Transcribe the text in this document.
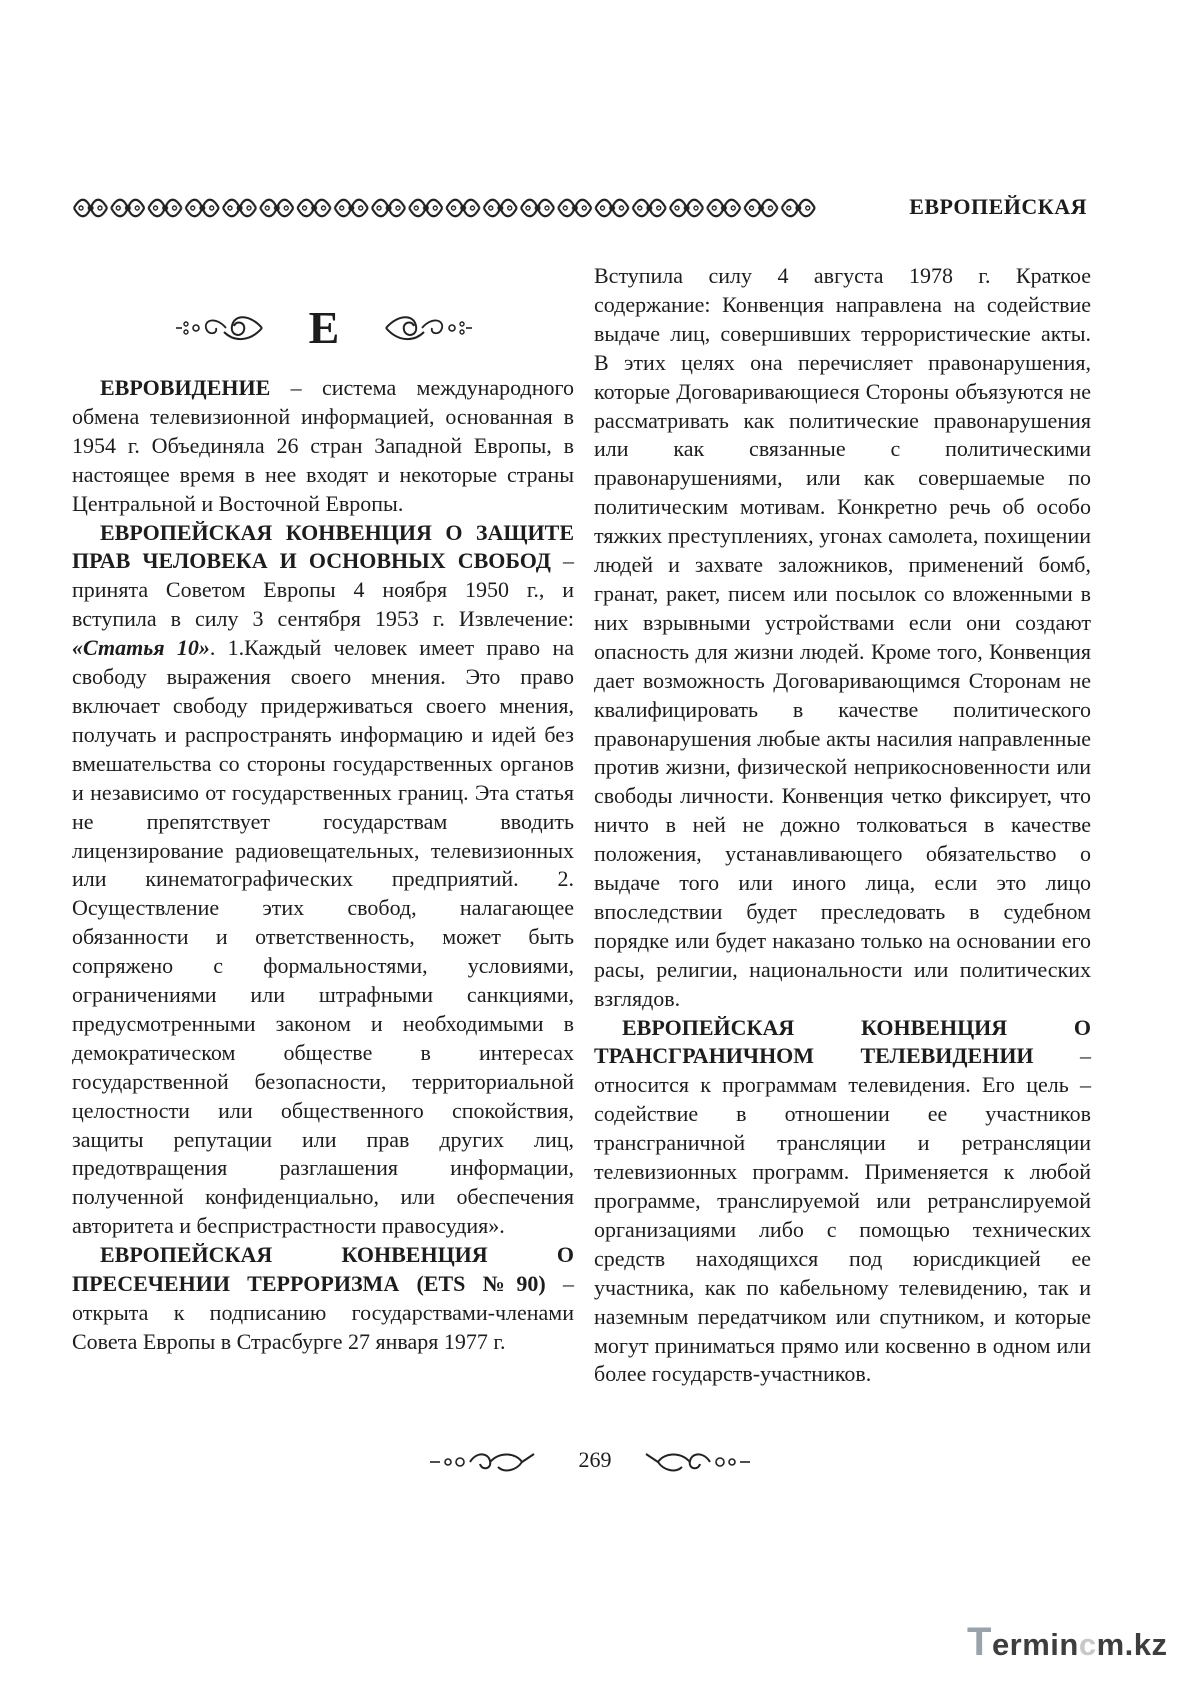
ЕВРОПЕЙСКАЯ
Е

ЕВРОВИДЕНИЕ – система международного обмена телевизионной информацией, основанная в 1954 г. Объединяла 26 стран Западной Европы, в настоящее время в нее входят и некоторые страны Центральной и Восточной Европы.

ЕВРОПЕЙСКАЯ КОНВЕНЦИЯ О ЗАЩИТЕ ПРАВ ЧЕЛОВЕКА И ОСНОВНЫХ СВОБОД – принята Советом Европы 4 ноября 1950 г., и вступила в силу 3 сентября 1953 г. Извлечение: «Статья 10». 1.Каждый человек имеет право на свободу выражения своего мнения. Это право включает свободу придерживаться своего мнения, получать и распространять информацию и идей без вмешательства со стороны государственных органов и независимо от государственных границ. Эта статья не препятствует государствам вводить лицензирование радиовещательных, телевизионных или кинематографических предприятий. 2. Осуществление этих свобод, налагающее обязанности и ответственность, может быть сопряжено с формальностями, условиями, ограничениями или штрафными санкциями, предусмотренными законом и необходимыми в демократическом обществе в интересах государственной безопасности, территориальной целостности или общественного спокойствия, защиты репутации или прав других лиц, предотвращения разглашения информации, полученной конфиденциально, или обеспечения авторитета и беспристрастности правосудия».

ЕВРОПЕЙСКАЯ КОНВЕНЦИЯ О ПРЕСЕЧЕНИИ ТЕРРОРИЗМА (ETS №90) – открыта к подписанию государствами-членами Совета Европы в Страсбурге 27 января 1977 г.

Вступила силу 4 августа 1978 г. Краткое содержание: Конвенция направлена на содействие выдаче лиц, совершивших террористические акты. В этих целях она перечисляет правонарушения, которые Договаривающиеся Стороны объязуются не рассматривать как политические правонарушения или как связанные с политическими правонарушениями, или как совершаемые по политическим мотивам. Конкретно речь об особо тяжких преступлениях, угонах самолета, похищении людей и захвате заложников, применений бомб, гранат, ракет, писем или посылок со вложенными в них взрывными устройствами если они создают опасность для жизни людей. Кроме того, Конвенция дает возможность Договаривающимся Сторонам не квалифицировать в качестве политического правонарушения любые акты насилия направленные против жизни, физической неприкосновенности или свободы личности. Конвенция четко фиксирует, что ничто в ней не дожно толковаться в качестве положения, устанавливающего обязательство о выдаче того или иного лица, если это лицо впоследствии будет преследовать в судебном порядке или будет наказано только на основании его расы, религии, национальности или политических взглядов.

ЕВРОПЕЙСКАЯ КОНВЕНЦИЯ О ТРАНСГРАНИЧНОМ ТЕЛЕВИДЕНИИ – относится к программам телевидения. Его цель – содействие в отношении ее участников трансграничной трансляции и ретрансляции телевизионных программ. Применяется к любой программе, транслируемой или ретранслируемой организациями либо с помощью технических средств находящихся под юрисдикцией ее участника, как по кабельному телевидению, так и наземным передатчиком или спутником, и которые могут приниматься прямо или косвенно в одном или более государств-участников.

269
Termincm.kz
